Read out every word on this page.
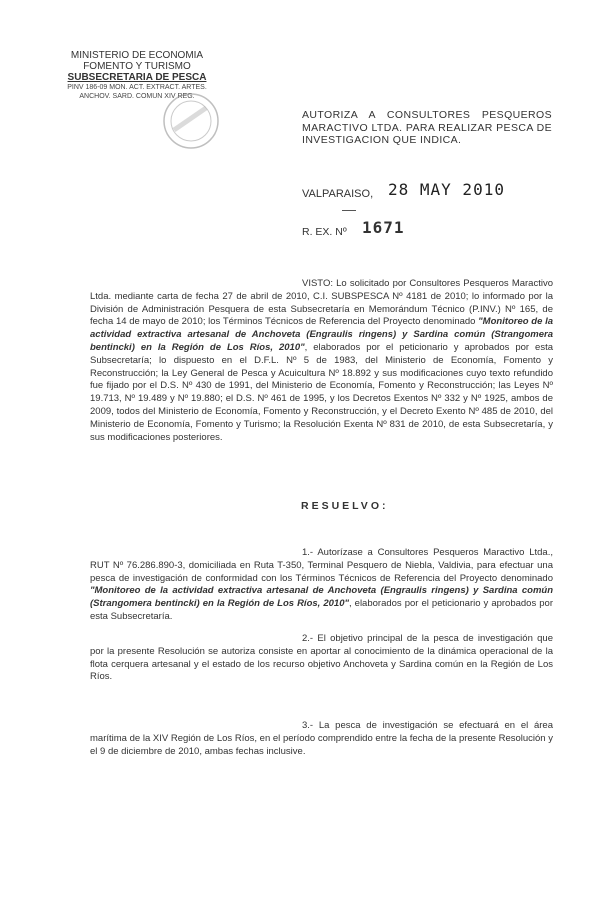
MINISTERIO DE ECONOMIA
FOMENTO Y TURISMO
SUBSECRETARIA DE PESCA
PINV 186-09 MON. ACT. EXTRACT. ARTES.
ANCHOV. SARD. COMUN XIV REG.
AUTORIZA A CONSULTORES PESQUEROS MARACTIVO LTDA. PARA REALIZAR PESCA DE INVESTIGACION QUE INDICA.
VALPARAISO, 28 MAY 2010
R. EX. Nº 1671
VISTO: Lo solicitado por Consultores Pesqueros Maractivo Ltda. mediante carta de fecha 27 de abril de 2010, C.I. SUBSPESCA Nº 4181 de 2010; lo informado por la División de Administración Pesquera de esta Subsecretaría en Memorándum Técnico (P.INV.) Nº 165, de fecha 14 de mayo de 2010; los Términos Técnicos de Referencia del Proyecto denominado "Monitoreo de la actividad extractiva artesanal de Anchoveta (Engraulis ringens) y Sardina común (Strangomera bentincki) en la Región de Los Ríos, 2010", elaborados por el peticionario y aprobados por esta Subsecretaría; lo dispuesto en el D.F.L. Nº 5 de 1983, del Ministerio de Economía, Fomento y Reconstrucción; la Ley General de Pesca y Acuicultura Nº 18.892 y sus modificaciones cuyo texto refundido fue fijado por el D.S. Nº 430 de 1991, del Ministerio de Economía, Fomento y Reconstrucción; las Leyes Nº 19.713, Nº 19.489 y Nº 19.880; el D.S. Nº 461 de 1995, y los Decretos Exentos Nº 332 y Nº 1925, ambos de 2009, todos del Ministerio de Economía, Fomento y Reconstrucción, y el Decreto Exento Nº 485 de 2010, del Ministerio de Economía, Fomento y Turismo; la Resolución Exenta Nº 831 de 2010, de esta Subsecretaría, y sus modificaciones posteriores.
RESUELVO:
1.- Autorízase a Consultores Pesqueros Maractivo Ltda., RUT Nº 76.286.890-3, domiciliada en Ruta T-350, Terminal Pesquero de Niebla, Valdivia, para efectuar una pesca de investigación de conformidad con los Términos Técnicos de Referencia del Proyecto denominado "Monitoreo de la actividad extractiva artesanal de Anchoveta (Engraulis ringens) y Sardina común (Strangomera bentincki) en la Región de Los Ríos, 2010", elaborados por el peticionario y aprobados por esta Subsecretaría.
2.- El objetivo principal de la pesca de investigación que por la presente Resolución se autoriza consiste en aportar al conocimiento de la dinámica operacional de la flota cerquera artesanal y el estado de los recurso objetivo Anchoveta y Sardina común en la Región de Los Ríos.
3.- La pesca de investigación se efectuará en el área marítima de la XIV Región de Los Ríos, en el período comprendido entre la fecha de la presente Resolución y el 9 de diciembre de 2010, ambas fechas inclusive.
